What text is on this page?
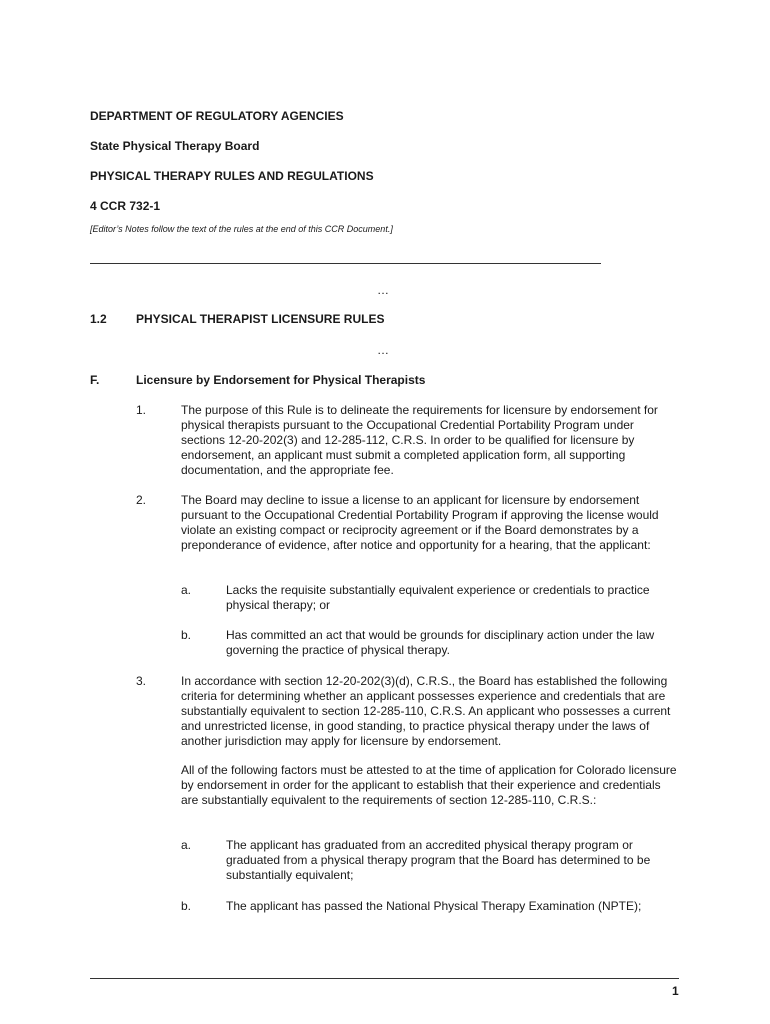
DEPARTMENT OF REGULATORY AGENCIES
State Physical Therapy Board
PHYSICAL THERAPY RULES AND REGULATIONS
4 CCR 732-1
[Editor’s Notes follow the text of the rules at the end of this CCR Document.]
…
1.2 PHYSICAL THERAPIST LICENSURE RULES
…
F.	Licensure by Endorsement for Physical Therapists
1.	The purpose of this Rule is to delineate the requirements for licensure by endorsement for physical therapists pursuant to the Occupational Credential Portability Program under sections 12-20-202(3) and 12-285-112, C.R.S. In order to be qualified for licensure by endorsement, an applicant must submit a completed application form, all supporting documentation, and the appropriate fee.
2.	The Board may decline to issue a license to an applicant for licensure by endorsement pursuant to the Occupational Credential Portability Program if approving the license would violate an existing compact or reciprocity agreement or if the Board demonstrates by a preponderance of evidence, after notice and opportunity for a hearing, that the applicant:
a.	Lacks the requisite substantially equivalent experience or credentials to practice physical therapy; or
b.	Has committed an act that would be grounds for disciplinary action under the law governing the practice of physical therapy.
3.	In accordance with section 12-20-202(3)(d), C.R.S., the Board has established the following criteria for determining whether an applicant possesses experience and credentials that are substantially equivalent to section 12-285-110, C.R.S. An applicant who possesses a current and unrestricted license, in good standing, to practice physical therapy under the laws of another jurisdiction may apply for licensure by endorsement.
All of the following factors must be attested to at the time of application for Colorado licensure by endorsement in order for the applicant to establish that their experience and credentials are substantially equivalent to the requirements of section 12-285-110, C.R.S.:
a.	The applicant has graduated from an accredited physical therapy program or graduated from a physical therapy program that the Board has determined to be substantially equivalent;
b.	The applicant has passed the National Physical Therapy Examination (NPTE);
1
